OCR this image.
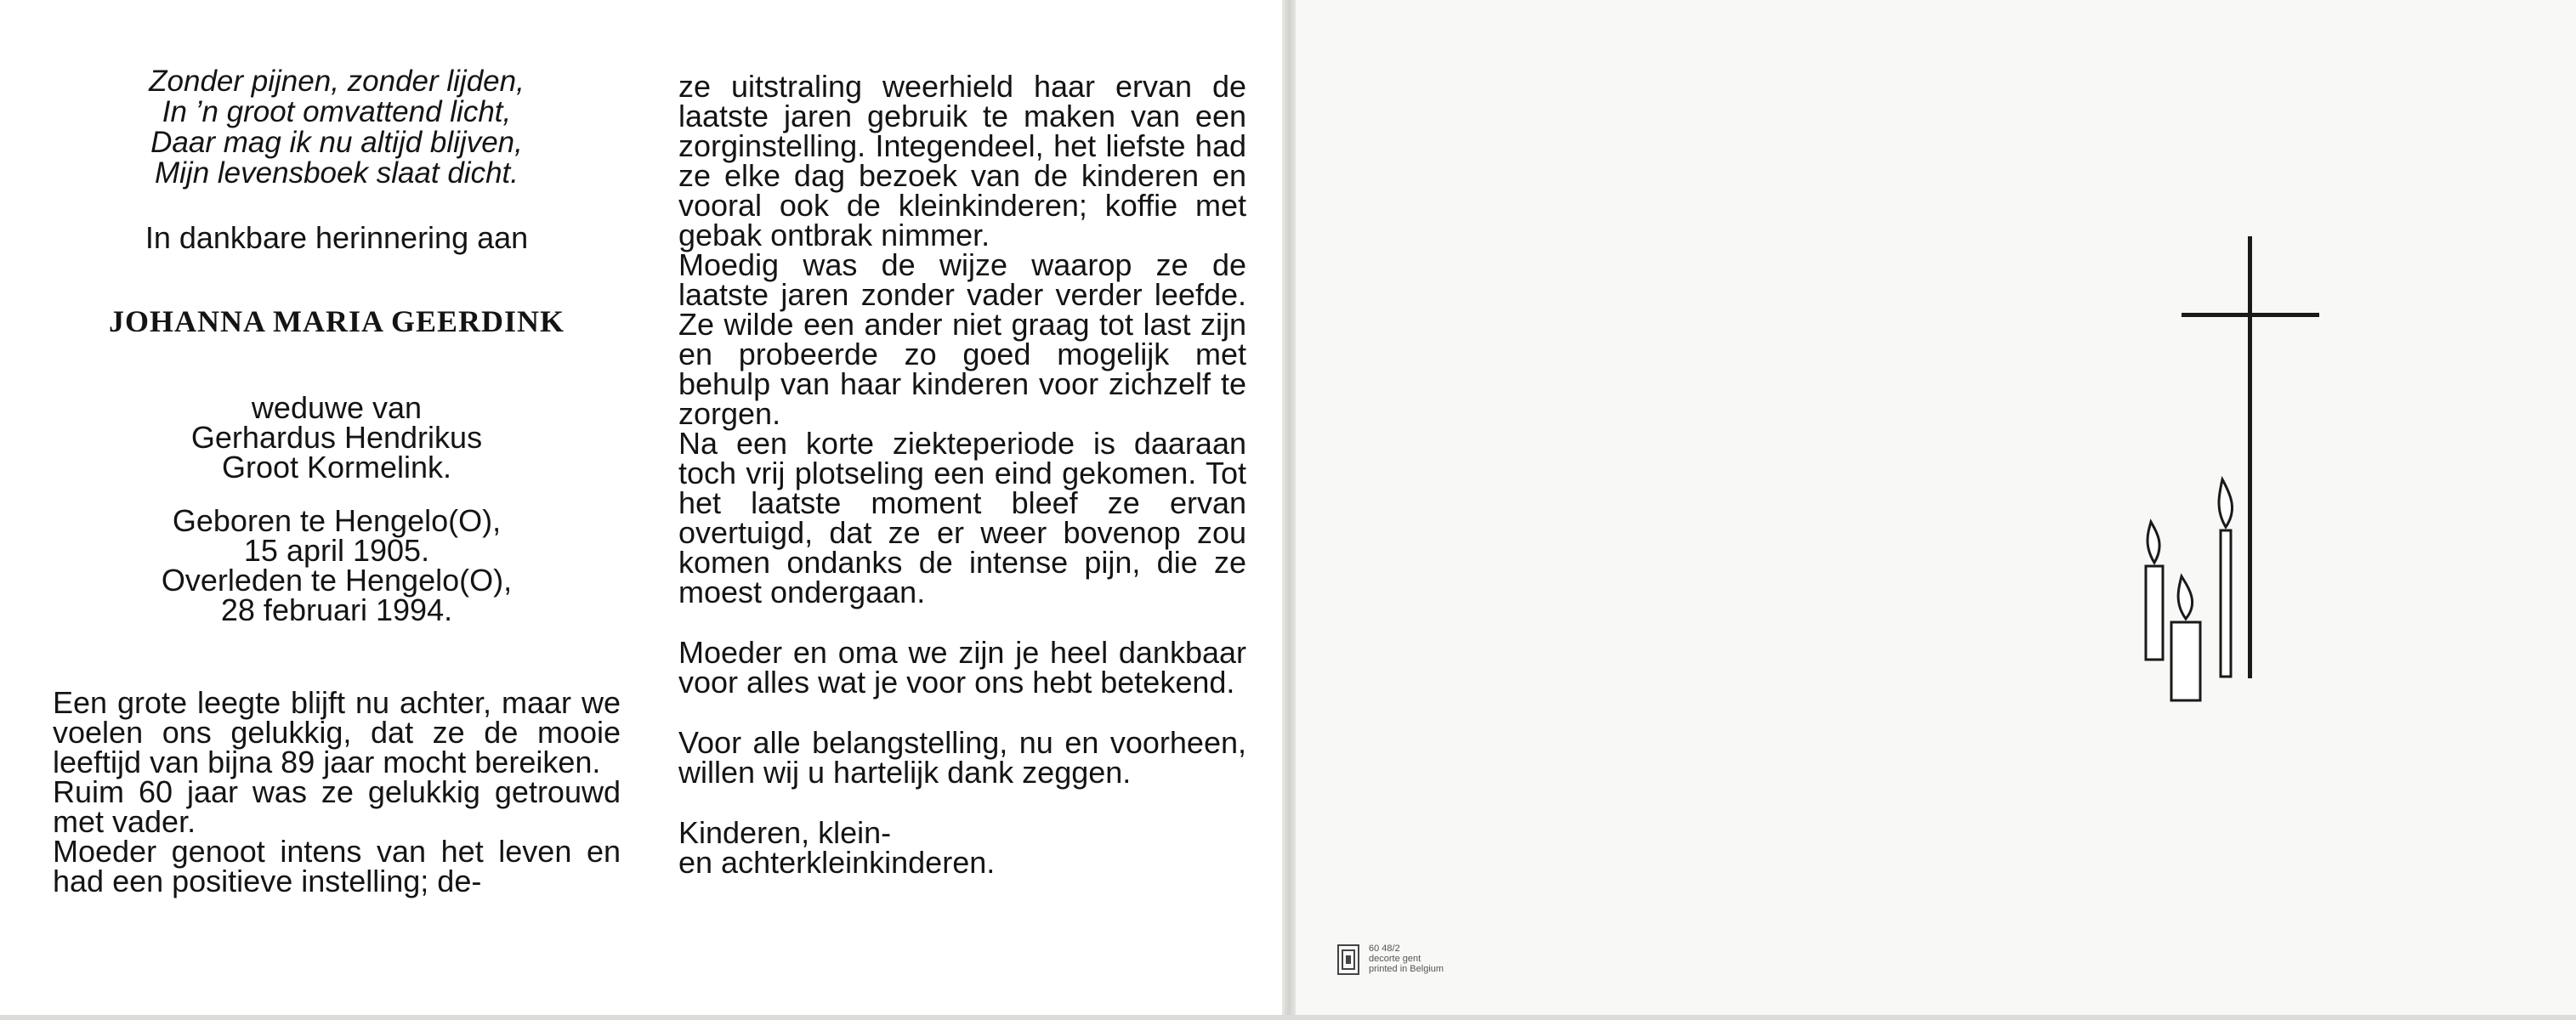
Zonder pijnen, zonder lijden,
In ’n groot omvattend licht,
Daar mag ik nu altijd blijven,
Mijn levensboek slaat dicht.
In dankbare herinnering aan
JOHANNA MARIA GEERDINK
weduwe van
Gerhardus Hendrikus
Groot Kormelink.
Geboren te Hengelo(O),
15 april 1905.
Overleden te Hengelo(O),
28 februari 1994.
Een grote leegte blijft nu achter, maar we voelen ons gelukkig, dat ze de mooie leeftijd van bijna 89 jaar mocht bereiken.
Ruim 60 jaar was ze gelukkig getrouwd met vader.
Moeder genoot intens van het leven en had een positieve instelling; de-
ze uitstraling weerhield haar ervan de laatste jaren gebruik te maken van een zorginstelling. Integendeel, het liefste had ze elke dag bezoek van de kinderen en vooral ook de kleinkinderen; koffie met gebak ontbrak nimmer.
Moedig was de wijze waarop ze de laatste jaren zonder vader verder leefde. Ze wilde een ander niet graag tot last zijn en probeerde zo goed mogelijk met behulp van haar kinderen voor zichzelf te zorgen.
Na een korte ziekteperiode is daaraan toch vrij plotseling een eind gekomen. Tot het laatste moment bleef ze ervan overtuigd, dat ze er weer bovenop zou komen ondanks de intense pijn, die ze moest ondergaan.
Moeder en oma we zijn je heel dankbaar voor alles wat je voor ons hebt betekend.
Voor alle belangstelling, nu en voorheen, willen wij u hartelijk dank zeggen.
Kinderen, klein-
en achterkleinkinderen.
60 48/2
decorte gent
printed in Belgium
